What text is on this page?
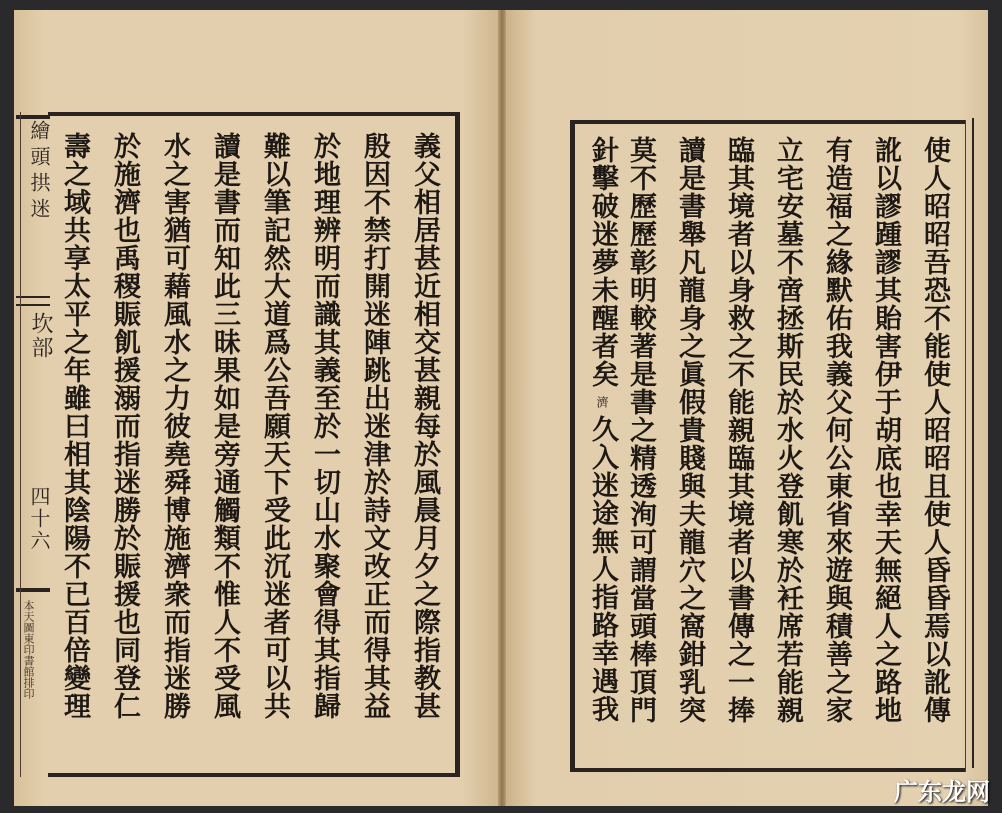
繪頭拱迷
坎部
四十六
本天圖東印書館排印	義父相居甚近相交甚親每於風晨月夕之際指教甚
殷因不禁打開迷陣跳出迷津於詩文改正而得其益
於地理辨明而識其義至於一切山水聚會得其指歸
難以筆記然大道爲公吾願天下受此沉迷者可以共
讀是書而知此三昧果如是旁通觸類不惟人不受風
水之害猶可藉風水之力彼堯舜博施濟衆而指迷勝
於施濟也禹稷賑飢援溺而指迷勝於賑援也同登仁
壽之域共享太平之年雖曰相其陰陽不已百倍變理	使人昭昭吾恐不能使人昭昭且使人昏昏焉以訛傳
訛以謬踵謬其貽害伊于胡底也幸天無絕人之路地
有造福之緣默佑我義父何公東省來遊與積善之家
立宅安墓不啻拯斯民於水火登飢寒於衽席若能親
臨其境者以身救之不能親臨其境者以書傳之一捧
讀是書舉凡龍身之眞假貴賤與夫龍穴之窩鉗乳突
莫不歷歷彰明較著是書之精透洵可謂當頭棒頂門
針擊破迷夢未醒者矣
濟
久入迷途無人指路幸遇我
广东龙网
